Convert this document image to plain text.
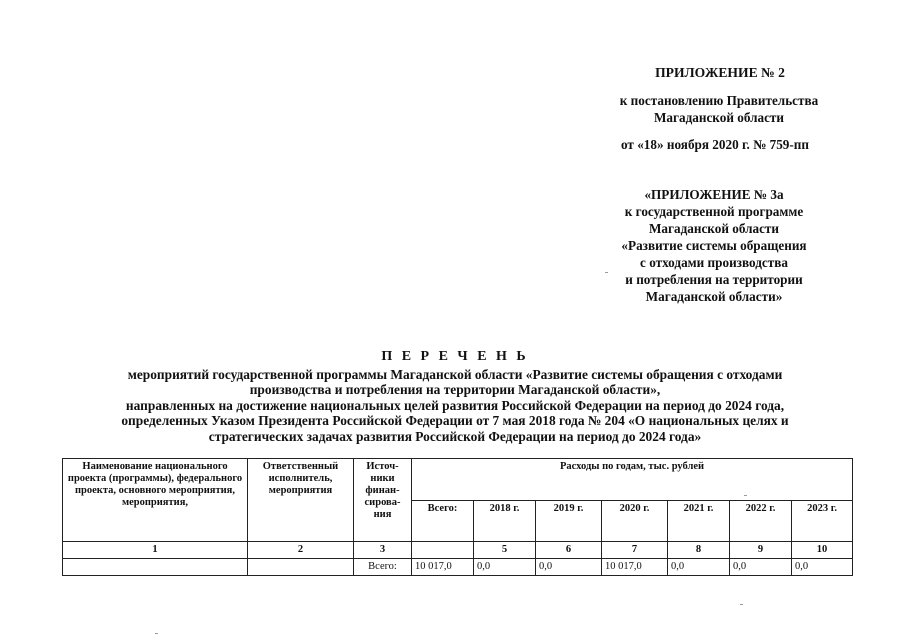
ПРИЛОЖЕНИЕ № 2
к постановлению Правительства
Магаданской области
от «18» ноября 2020 г. № 759-пп
«ПРИЛОЖЕНИЕ № 3а
к государственной программе
Магаданской области
«Развитие системы обращения
с отходами производства
и потребления на территории
Магаданской области»
П Е Р Е Ч Е Н Ь
мероприятий государственной программы Магаданской области «Развитие системы обращения с отходами
производства и потребления на территории Магаданской области»,
направленных на достижение национальных целей развития Российской Федерации на период до 2024 года,
определенных Указом Президента Российской Федерации от 7 мая 2018 года № 204 «О национальных целях и
стратегических задачах развития Российской Федерации на период до 2024 года»
Наименование национального проекта (программы), федерального проекта, основного мероприятия, мероприятия,	Ответственный исполнитель, мероприятия	Источ-ники финан-сирова-ния	Расходы по годам, тыс. рублей						
			Всего:	2018 г.	2019 г.	2020 г.	2021 г.	2022 г.	2023 г.
1	2	3		5	6	7	8	9	10
		Всего:	10 017,0	0,0	0,0	10 017,0	0,0	0,0	0,0
